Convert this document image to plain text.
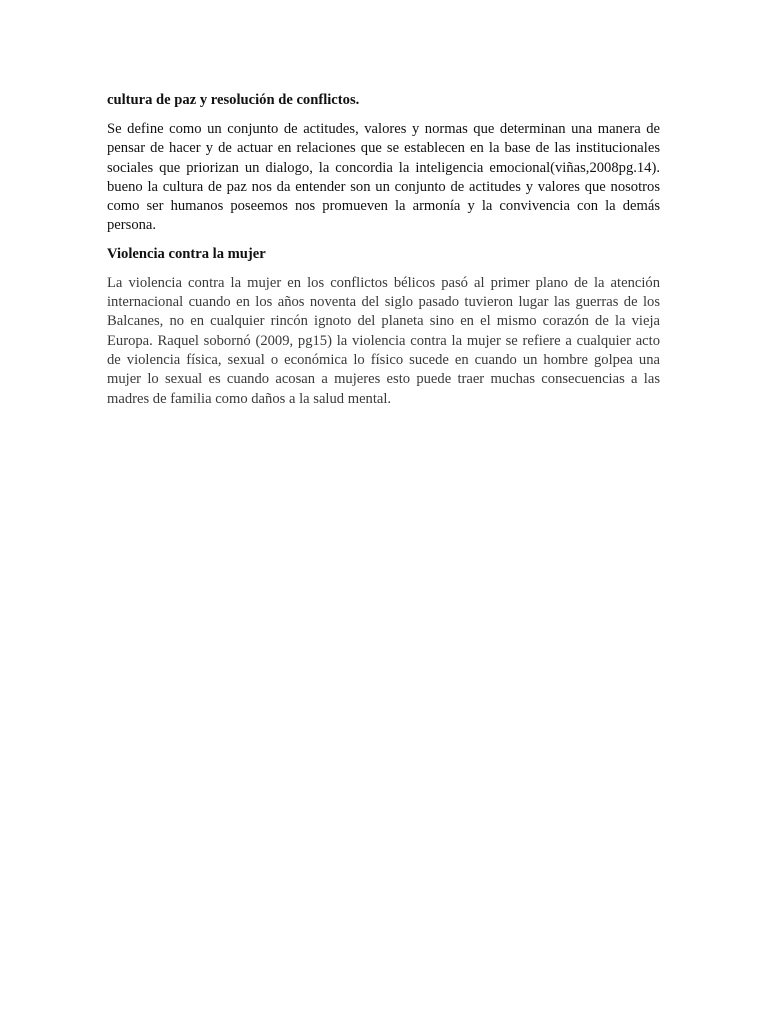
cultura de paz y resolución de conflictos.

Se define como un conjunto de actitudes, valores y normas que determinan una manera de pensar de hacer y de actuar en relaciones que se establecen en la base de las institucionales sociales que priorizan un dialogo, la concordia la inteligencia emocional(viñas,2008pg.14). bueno la cultura de paz nos da entender son un conjunto de actitudes y valores que nosotros como ser humanos poseemos nos promueven la armonía y la convivencia con la demás persona.

Violencia contra la mujer

La violencia contra la mujer en los conflictos bélicos pasó al primer plano de la atención internacional cuando en los años noventa del siglo pasado tuvieron lugar las guerras de los Balcanes, no en cualquier rincón ignoto del planeta sino en el mismo corazón de la vieja Europa. Raquel sobornó (2009, pg15) la violencia contra la mujer se refiere a cualquier acto de violencia física, sexual o económica lo físico sucede en cuando un hombre golpea una mujer lo sexual es cuando acosan a mujeres esto puede traer muchas consecuencias a las madres de familia como daños a la salud mental.
